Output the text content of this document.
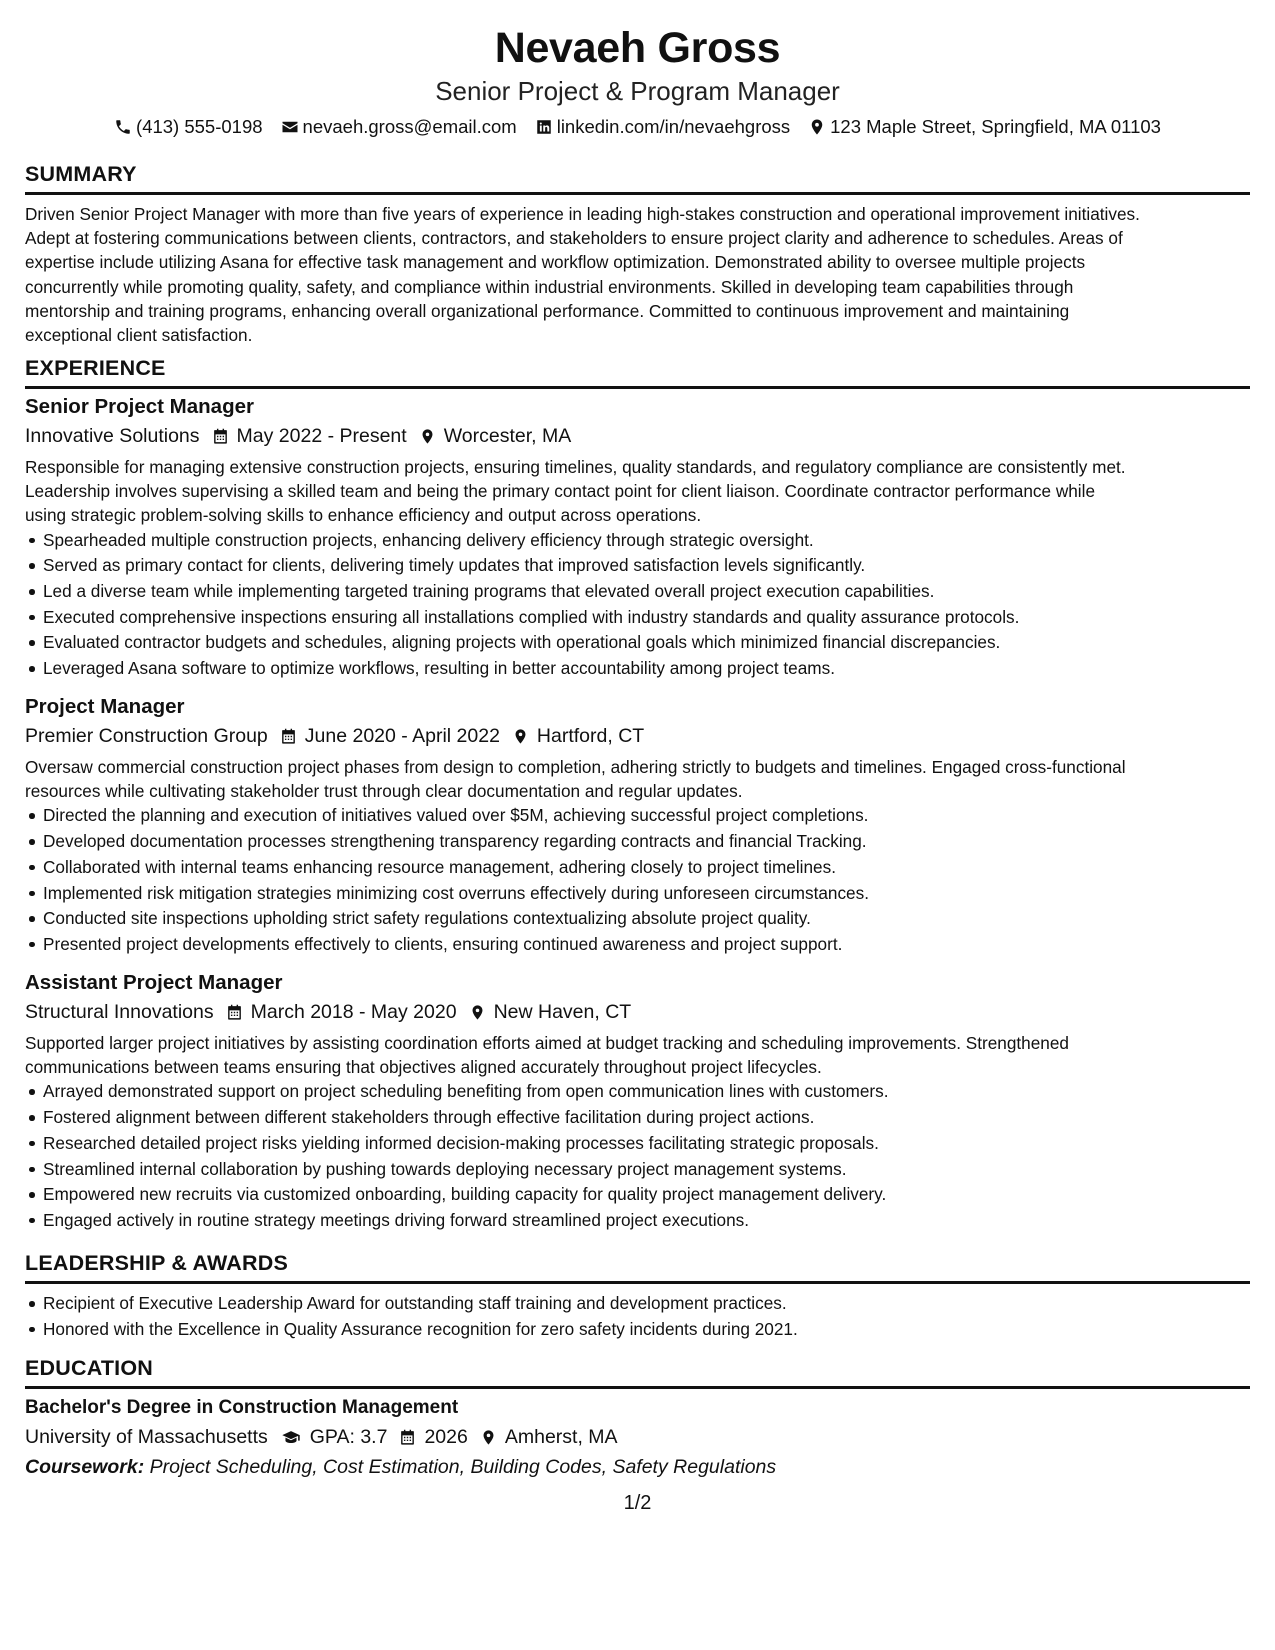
Nevaeh Gross
Senior Project & Program Manager
(413) 555-0198 nevaeh.gross@email.com linkedin.com/in/nevaehgross 123 Maple Street, Springfield, MA 01103
SUMMARY
Driven Senior Project Manager with more than five years of experience in leading high-stakes construction and operational improvement initiatives.
Adept at fostering communications between clients, contractors, and stakeholders to ensure project clarity and adherence to schedules. Areas of
expertise include utilizing Asana for effective task management and workflow optimization. Demonstrated ability to oversee multiple projects
concurrently while promoting quality, safety, and compliance within industrial environments. Skilled in developing team capabilities through
mentorship and training programs, enhancing overall organizational performance. Committed to continuous improvement and maintaining
exceptional client satisfaction.
EXPERIENCE
Senior Project Manager
Innovative Solutions May 2022 - Present Worcester, MA
Responsible for managing extensive construction projects, ensuring timelines, quality standards, and regulatory compliance are consistently met.
Leadership involves supervising a skilled team and being the primary contact point for client liaison. Coordinate contractor performance while
using strategic problem-solving skills to enhance efficiency and output across operations.
Spearheaded multiple construction projects, enhancing delivery efficiency through strategic oversight.
Served as primary contact for clients, delivering timely updates that improved satisfaction levels significantly.
Led a diverse team while implementing targeted training programs that elevated overall project execution capabilities.
Executed comprehensive inspections ensuring all installations complied with industry standards and quality assurance protocols.
Evaluated contractor budgets and schedules, aligning projects with operational goals which minimized financial discrepancies.
Leveraged Asana software to optimize workflows, resulting in better accountability among project teams.
Project Manager
Premier Construction Group June 2020 - April 2022 Hartford, CT
Oversaw commercial construction project phases from design to completion, adhering strictly to budgets and timelines. Engaged cross-functional
resources while cultivating stakeholder trust through clear documentation and regular updates.
Directed the planning and execution of initiatives valued over $5M, achieving successful project completions.
Developed documentation processes strengthening transparency regarding contracts and financial Tracking.
Collaborated with internal teams enhancing resource management, adhering closely to project timelines.
Implemented risk mitigation strategies minimizing cost overruns effectively during unforeseen circumstances.
Conducted site inspections upholding strict safety regulations contextualizing absolute project quality.
Presented project developments effectively to clients, ensuring continued awareness and project support.
Assistant Project Manager
Structural Innovations March 2018 - May 2020 New Haven, CT
Supported larger project initiatives by assisting coordination efforts aimed at budget tracking and scheduling improvements. Strengthened
communications between teams ensuring that objectives aligned accurately throughout project lifecycles.
Arrayed demonstrated support on project scheduling benefiting from open communication lines with customers.
Fostered alignment between different stakeholders through effective facilitation during project actions.
Researched detailed project risks yielding informed decision-making processes facilitating strategic proposals.
Streamlined internal collaboration by pushing towards deploying necessary project management systems.
Empowered new recruits via customized onboarding, building capacity for quality project management delivery.
Engaged actively in routine strategy meetings driving forward streamlined project executions.
LEADERSHIP & AWARDS
Recipient of Executive Leadership Award for outstanding staff training and development practices.
Honored with the Excellence in Quality Assurance recognition for zero safety incidents during 2021.
EDUCATION
Bachelor's Degree in Construction Management
University of Massachusetts GPA: 3.7 2026 Amherst, MA
Coursework: Project Scheduling, Cost Estimation, Building Codes, Safety Regulations
1/2
